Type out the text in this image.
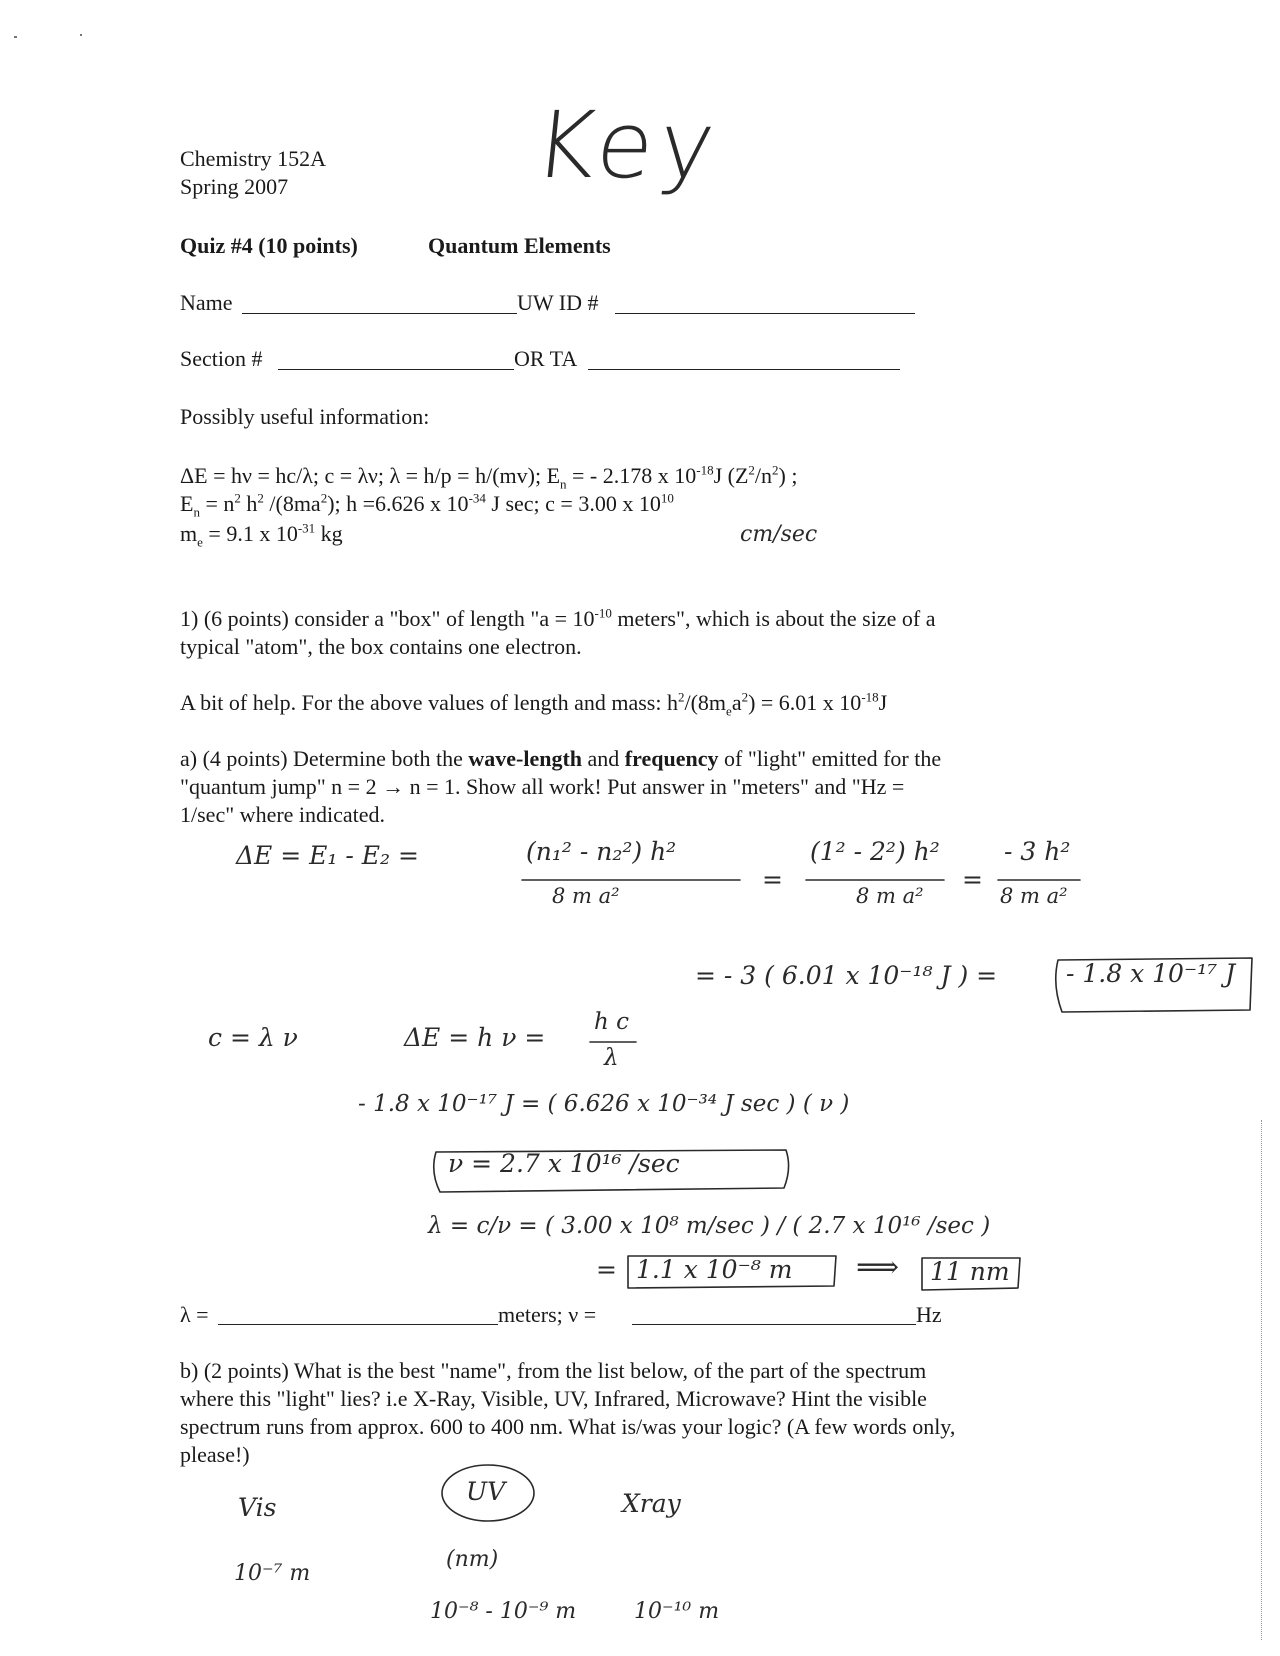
Chemistry 152A
Spring 2007	Key
Quiz #4 (10 points)	Quantum Elements
Name	UW ID #
Section #	OR TA
Possibly useful information:
ΔE = hν = hc/λ; c = λν; λ = h/p = h/(mv); $E_n$ = - 2.178 x $10^{-18}J$ $(Z^2/n^2)$ ;
$E_n = n^2$ $h^2$ $/(8ma^2)$; h =6.626 x $10^{-34}$ J sec; c = 3.00 x $10^{10}$
$m_e = 9.1$ x $10^{-31}$ kg	cm/sec
1) (6 points) consider a "box" of length "$a = 10^{-10}$ meters", which is about the size of a
typical "atom", the box contains one electron.
A bit of help. For the above values of length and mass: $h^2/(8m_ea^2) = 6.01$ x $10^{-18}J$
a) (4 points) Determine both the wave-length and frequency of "light" emitted for the
"quantum jump" n = 2 → n = 1. Show all work! Put answer in "meters" and "Hz =
1/sec" where indicated.
ΔE = E₁ - E₂ =	(n₁² - n₂²) h²
8 m a²
=
(1² - 2²) h²
8 m a²
=
- 3 h²
8 m a²
= - 3 ( 6.01 x 10⁻¹⁸ J ) =	- 1.8 x 10⁻¹⁷ J
c = λ ν	ΔE = h ν =
h c
λ
- 1.8 x 10⁻¹⁷ J = ( 6.626 x 10⁻³⁴ J sec ) ( ν )
ν = 2.7 x 10¹⁶ /sec
λ = c/ν = ( 3.00 x 10⁸ m/sec ) / ( 2.7 x 10¹⁶ /sec )
= 1.1 x 10⁻⁸ m ⟹ 11 nm
λ =	meters; ν =	Hz
b) (2 points) What is the best "name", from the list below, of the part of the spectrum
where this "light" lies? i.e X-Ray, Visible, UV, Infrared, Microwave? Hint the visible
spectrum runs from approx. 600 to 400 nm. What is/was your logic? (A few words only,
please!)
Vis
UV	Xray
10⁻⁷ m
(nm)
10⁻⁸ - 10⁻⁹ m	10⁻¹⁰ m
